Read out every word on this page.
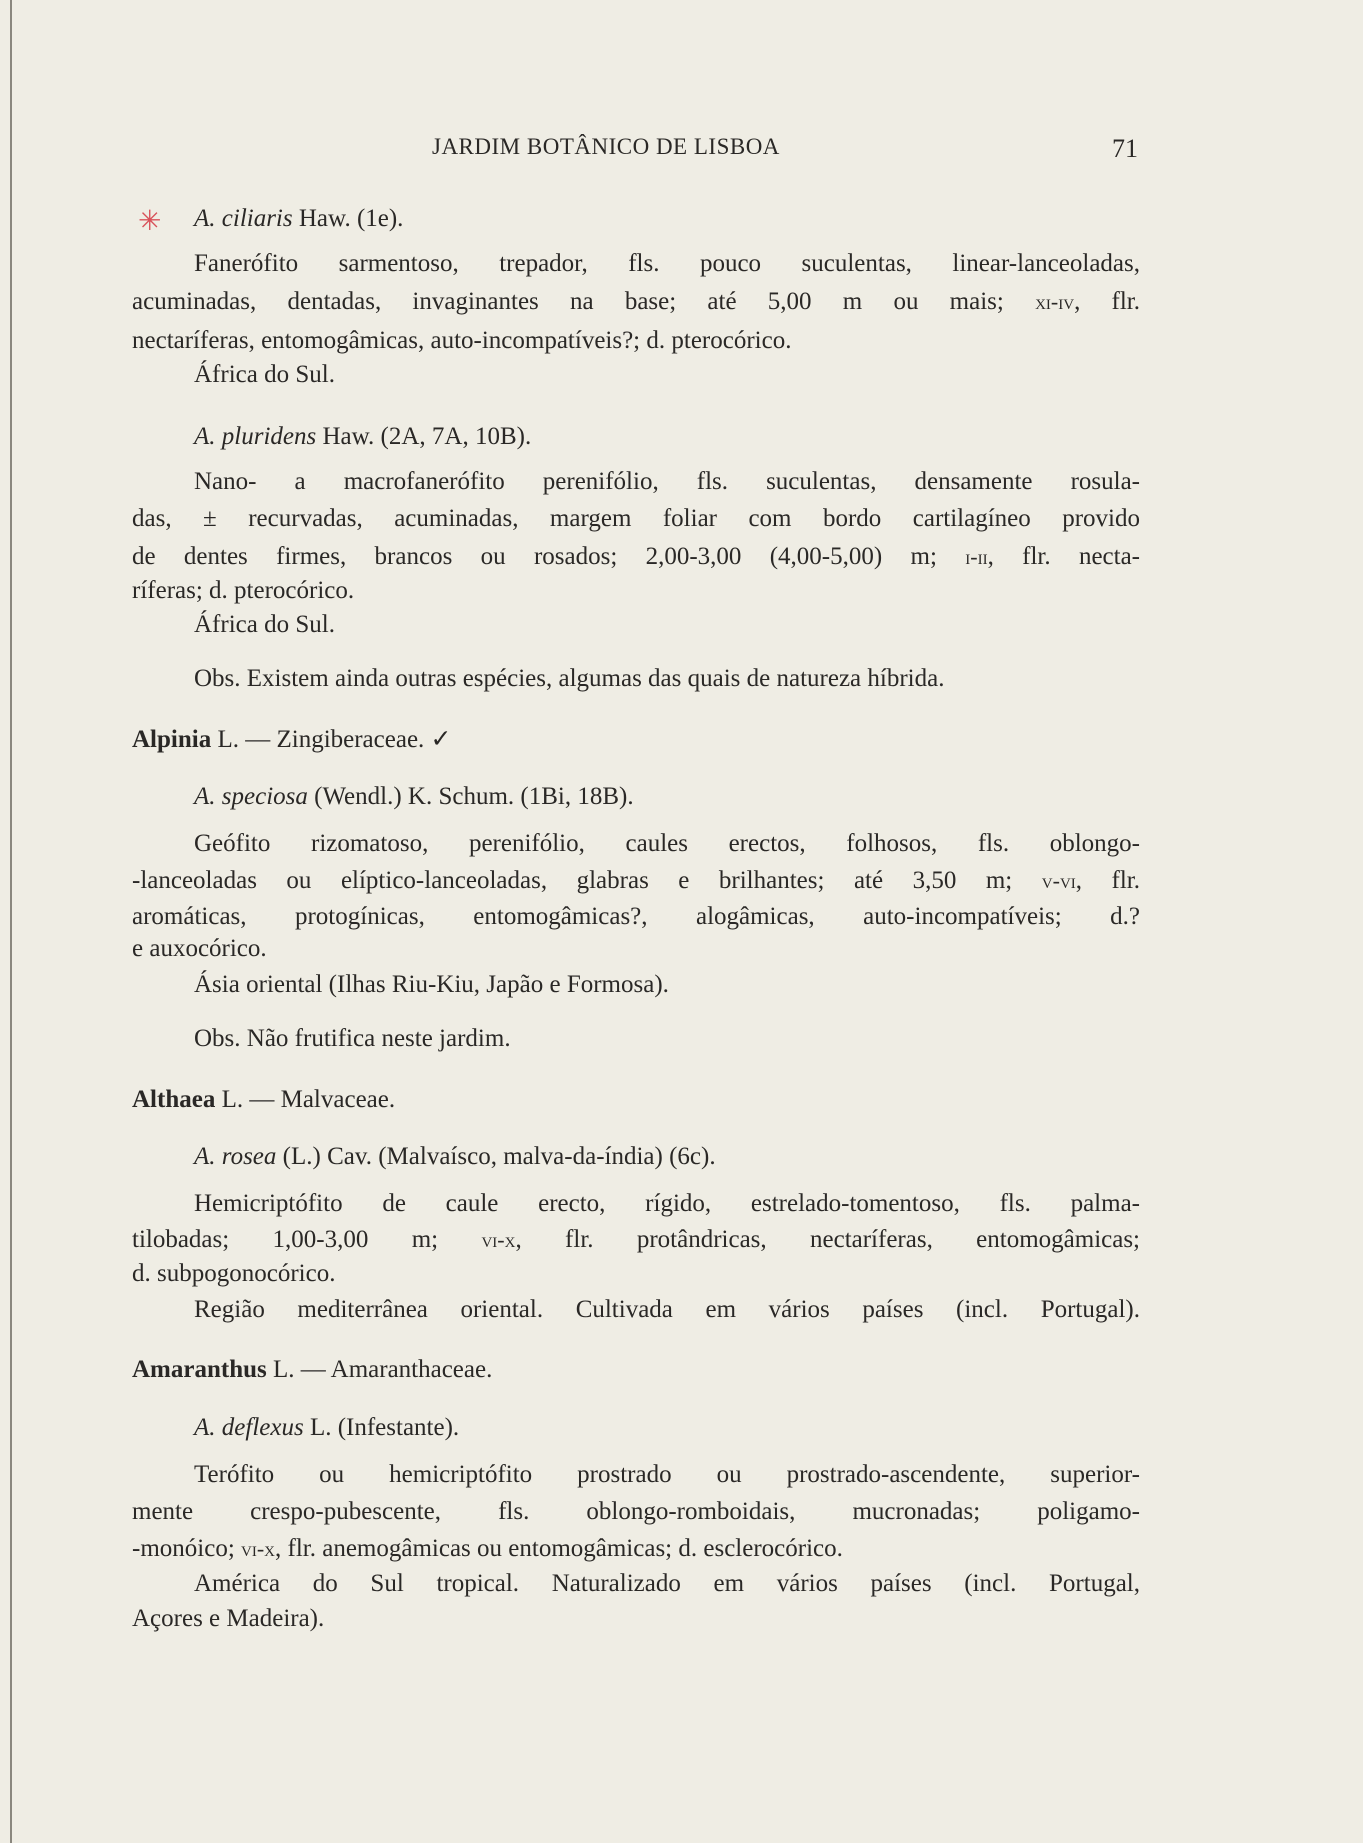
JARDIM BOTÂNICO DE LISBOA	71
✳ A. ciliaris Haw. (1e).
Fanerófito sarmentoso, trepador, fls. pouco suculentas, linear-lanceoladas,
acuminadas, dentadas, invaginantes na base; até 5,00 m ou mais; xi-iv, flr.
nectaríferas, entomogâmicas, auto-incompatíveis?; d. pterocórico.
África do Sul.
A. pluridens Haw. (2A, 7A, 10B).
Nano- a macrofanerófito perenifólio, fls. suculentas, densamente rosula-
das, ± recurvadas, acuminadas, margem foliar com bordo cartilagíneo provido
de dentes firmes, brancos ou rosados; 2,00-3,00 (4,00-5,00) m; i-ii, flr. necta-
ríferas; d. pterocórico.
África do Sul.
Obs. Existem ainda outras espécies, algumas das quais de natureza híbrida.
Alpinia L. — Zingiberaceae. ✓
A. speciosa (Wendl.) K. Schum. (1Bi, 18B).
Geófito rizomatoso, perenifólio, caules erectos, folhosos, fls. oblongo-
-lanceoladas ou elíptico-lanceoladas, glabras e brilhantes; até 3,50 m; v-vi, flr.
aromáticas, protogínicas, entomogâmicas?, alogâmicas, auto-incompatíveis; d.?
e auxocórico.
Ásia oriental (Ilhas Riu-Kiu, Japão e Formosa).
Obs. Não frutifica neste jardim.
Althaea L. — Malvaceae.
A. rosea (L.) Cav. (Malvaísco, malva-da-índia) (6c).
Hemicriptófito de caule erecto, rígido, estrelado-tomentoso, fls. palma-
tilobadas; 1,00-3,00 m; vi-x, flr. protândricas, nectaríferas, entomogâmicas;
d. subpogonocórico.
Região mediterrânea oriental. Cultivada em vários países (incl. Portugal).
Amaranthus L. — Amaranthaceae.
A. deflexus L. (Infestante).
Terófito ou hemicriptófito prostrado ou prostrado-ascendente, superior-
mente crespo-pubescente, fls. oblongo-romboidais, mucronadas; poligamo-
-monóico; vi-x, flr. anemogâmicas ou entomogâmicas; d. esclerocórico.
América do Sul tropical. Naturalizado em vários países (incl. Portugal,
Açores e Madeira).
